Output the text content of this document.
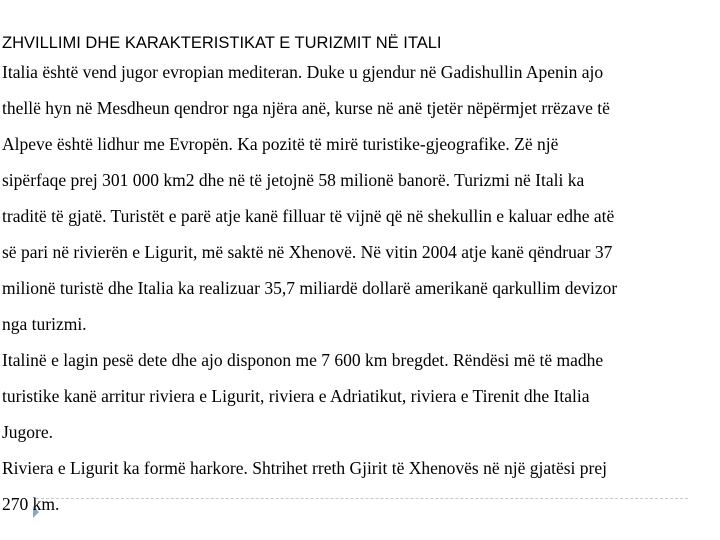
ZHVILLIMI DHE KARAKTERISTIKAT E TURIZMIT NË ITALI
Italia është vend jugor evropian mediteran. Duke u gjendur në Gadishullin Apenin ajo
thellë hyn në Mesdheun qendror nga njëra anë, kurse në anë tjetër nëpërmjet rrëzave të
Alpeve është lidhur me Evropën. Ka pozitë të mirë turistike-gjeografike. Zë një
sipërfaqe prej 301 000 km2 dhe në të jetojnë 58 milionë banorë. Turizmi në Itali ka
traditë të gjatë. Turistët e parë atje kanë filluar të vijnë që në shekullin e kaluar edhe atë
së pari në rivierën e Ligurit, më saktë në Xhenovë. Në vitin 2004 atje kanë qëndruar 37
milionë turistë dhe Italia ka realizuar 35,7 miliardë dollarë amerikanë qarkullim devizor
nga turizmi.
Italinë e lagin pesë dete dhe ajo disponon me 7 600 km bregdet. Rëndësi më të madhe
turistike kanë arritur riviera e Ligurit, riviera e Adriatikut, riviera e Tirenit dhe Italia
Jugore.
Riviera e Ligurit ka formë harkore. Shtrihet rreth Gjirit të Xhenovës në një gjatësi prej
270 km.
